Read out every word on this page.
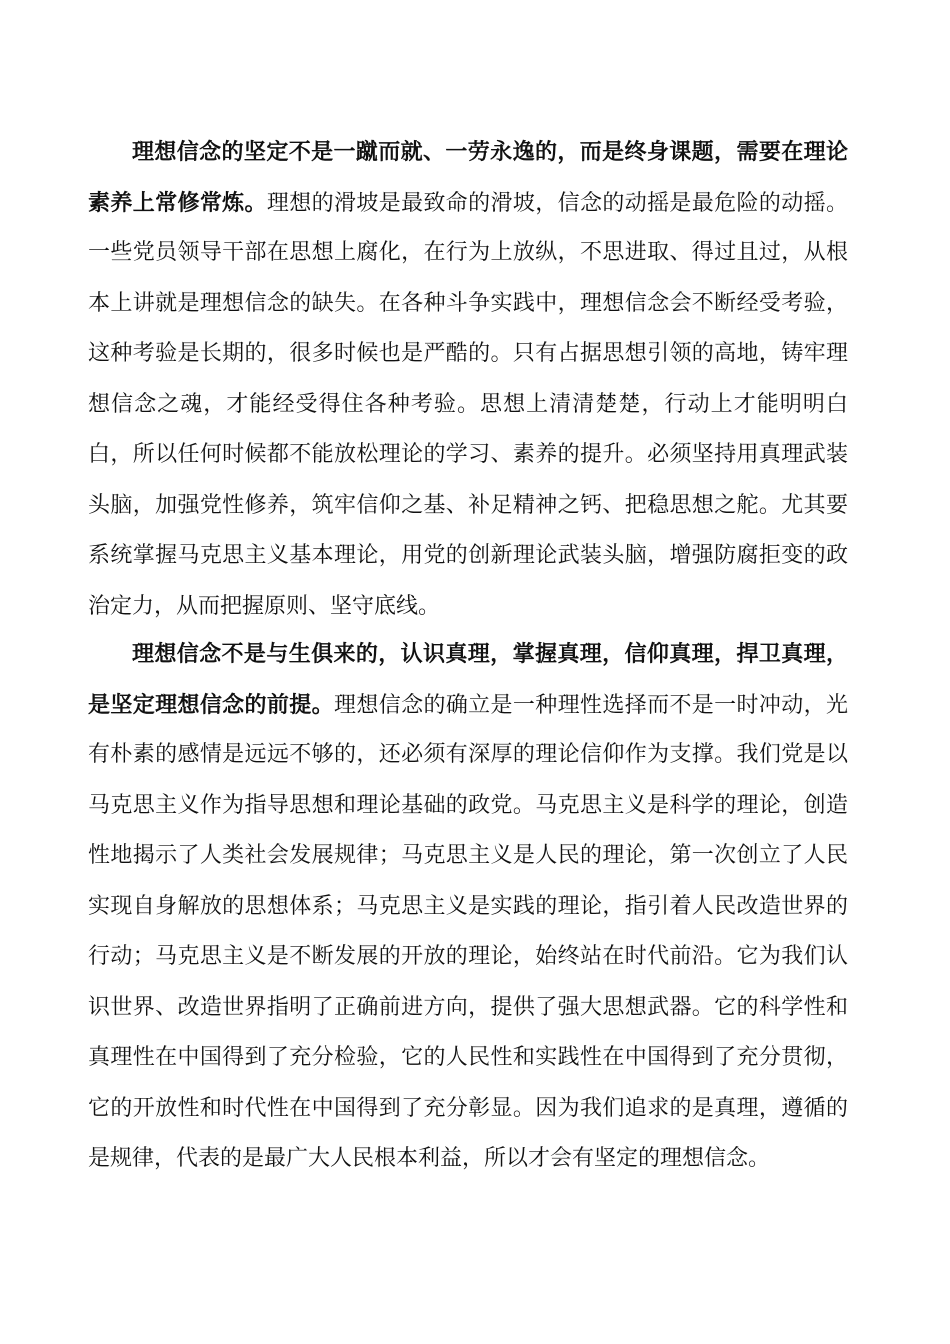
理想信念的坚定不是一蹴而就、一劳永逸的，而是终身课题，需要在理论
素养上常修常炼。理想的滑坡是最致命的滑坡，信念的动摇是最危险的动摇。
一些党员领导干部在思想上腐化，在行为上放纵，不思进取、得过且过，从根
本上讲就是理想信念的缺失。在各种斗争实践中，理想信念会不断经受考验，
这种考验是长期的，很多时候也是严酷的。只有占据思想引领的高地，铸牢理
想信念之魂，才能经受得住各种考验。思想上清清楚楚，行动上才能明明白
白，所以任何时候都不能放松理论的学习、素养的提升。必须坚持用真理武装
头脑，加强党性修养，筑牢信仰之基、补足精神之钙、把稳思想之舵。尤其要
系统掌握马克思主义基本理论，用党的创新理论武装头脑，增强防腐拒变的政
治定力，从而把握原则、坚守底线。
理想信念不是与生俱来的，认识真理，掌握真理，信仰真理，捍卫真理，
是坚定理想信念的前提。理想信念的确立是一种理性选择而不是一时冲动，光
有朴素的感情是远远不够的，还必须有深厚的理论信仰作为支撑。我们党是以
马克思主义作为指导思想和理论基础的政党。马克思主义是科学的理论，创造
性地揭示了人类社会发展规律；马克思主义是人民的理论，第一次创立了人民
实现自身解放的思想体系；马克思主义是实践的理论，指引着人民改造世界的
行动；马克思主义是不断发展的开放的理论，始终站在时代前沿。它为我们认
识世界、改造世界指明了正确前进方向，提供了强大思想武器。它的科学性和
真理性在中国得到了充分检验，它的人民性和实践性在中国得到了充分贯彻，
它的开放性和时代性在中国得到了充分彰显。因为我们追求的是真理，遵循的
是规律，代表的是最广大人民根本利益，所以才会有坚定的理想信念。
